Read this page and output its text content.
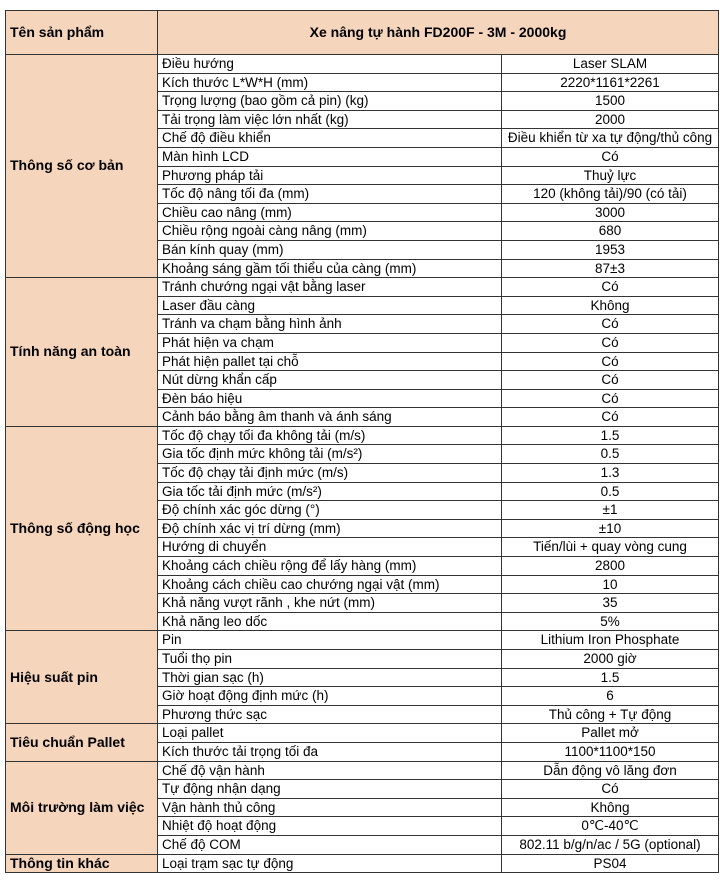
Tên sản phẩm	Xe nâng tự hành FD200F - 3M - 2000kg	
Thông số cơ bản	Điều hướng	Laser SLAM
	Kích thước L*W*H (mm)	2220*1161*2261
	Trọng lượng (bao gồm cả pin) (kg)	1500
	Tải trọng làm việc lớn nhất (kg)	2000
	Chế độ điều khiển	Điều khiển từ xa tự động/thủ công
	Màn hình LCD	Có
	Phương pháp tải	Thuỷ lực
	Tốc độ nâng tối đa (mm)	120 (không tải)/90 (có tải)
	Chiều cao nâng (mm)	3000
	Chiều rộng ngoài càng nâng (mm)	680
	Bán kính quay (mm)	1953
	Khoảng sáng gầm tối thiểu của càng (mm)	87±3
Tính năng an toàn	Tránh chướng ngại vật bằng laser	Có
	Laser đầu càng	Không
	Tránh va chạm bằng hình ảnh	Có
	Phát hiện va chạm	Có
	Phát hiện pallet tại chỗ	Có
	Nút dừng khẩn cấp	Có
	Đèn báo hiệu	Có
	Cảnh báo bằng âm thanh và ánh sáng	Có
Thông số động học	Tốc độ chạy tối đa không tải (m/s)	1.5
	Gia tốc định mức không tải (m/s²)	0.5
	Tốc độ chạy tải định mức (m/s)	1.3
	Gia tốc tải định mức (m/s²)	0.5
	Độ chính xác góc dừng (°)	±1
	Độ chính xác vị trí dừng (mm)	±10
	Hướng di chuyển	Tiến/lùi + quay vòng cung
	Khoảng cách chiều rộng để lấy hàng (mm)	2800
	Khoảng cách chiều cao chướng ngại vật (mm)	10
	Khả năng vượt rãnh , khe nứt (mm)	35
	Khả năng leo dốc	5%
Hiệu suất pin	Pin	Lithium Iron Phosphate
	Tuổi thọ pin	2000 giờ
	Thời gian sạc (h)	1.5
	Giờ hoạt động định mức (h)	6
	Phương thức sạc	Thủ công + Tự động
Tiêu chuẩn Pallet	Loại pallet	Pallet mở
	Kích thước tải trọng tối đa	1100*1100*150
Môi trường làm việc	Chế độ vận hành	Dẫn động vô lăng đơn
	Tự động nhận dạng	Có
	Vận hành thủ công	Không
	Nhiệt độ hoạt động	0℃-40℃
	Chế độ COM	802.11 b/g/n/ac / 5G (optional)
Thông tin khác	Loại trạm sạc tự động	PS04
